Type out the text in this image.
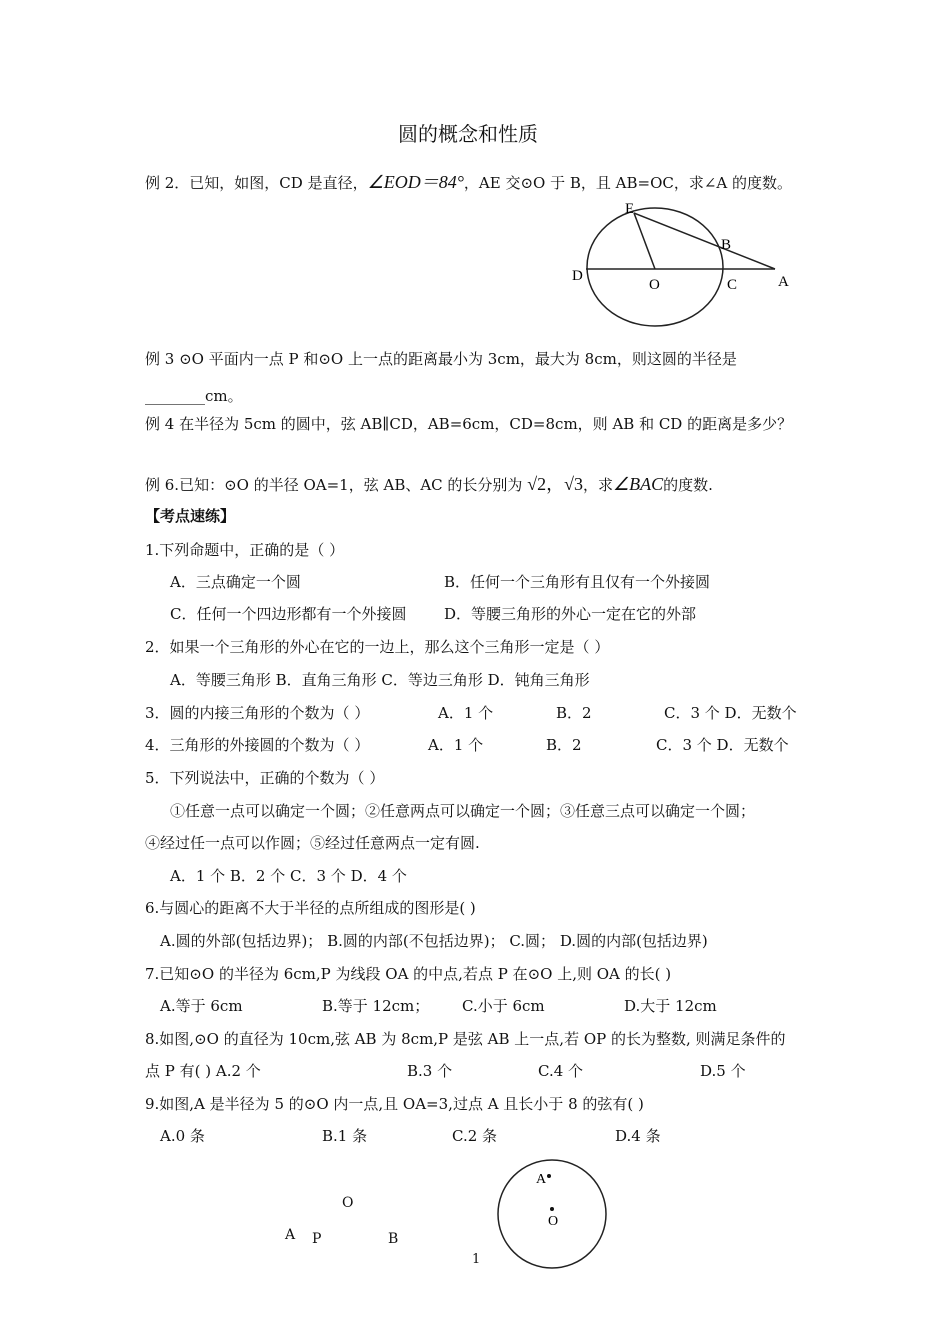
圆的概念和性质
例 2．已知，如图，CD 是直径，∠EOD＝84°，AE 交⊙O 于 B，且 AB=OC，求∠A 的度数。
E
B
D
O	C	A
例 3 ⊙O 平面内一点 P 和⊙O 上一点的距离最小为 3cm，最大为 8cm，则这圆的半径是
________cm。
例 4 在半径为 5cm 的圆中，弦 AB∥CD，AB=6cm，CD=8cm，则 AB 和 CD 的距离是多少？
例 6.已知：⊙O 的半径 OA=1，弦 AB、AC 的长分别为 √2，√3，求∠BAC的度数.
【考点速练】
1.下列命题中，正确的是（ ）
A．三点确定一个圆	B．任何一个三角形有且仅有一个外接圆
C．任何一个四边形都有一个外接圆	D．等腰三角形的外心一定在它的外部
2．如果一个三角形的外心在它的一边上，那么这个三角形一定是（ ）
A．等腰三角形 B．直角三角形 C．等边三角形 D．钝角三角形
3．圆的内接三角形的个数为（ ）	A．1 个	B．2	C．3 个 D．无数个
4．三角形的外接圆的个数为（ ）	A．1 个	B．2	C．3 个 D．无数个
5．下列说法中，正确的个数为（ ）
①任意一点可以确定一个圆；②任意两点可以确定一个圆；③任意三点可以确定一个圆；
④经过任一点可以作圆；⑤经过任意两点一定有圆.
A．1 个 B．2 个 C．3 个 D．4 个
6.与圆心的距离不大于半径的点所组成的图形是( )
A.圆的外部(包括边界)； B.圆的内部(不包括边界)； C.圆； D.圆的内部(包括边界)
7.已知⊙O 的半径为 6cm,P 为线段 OA 的中点,若点 P 在⊙O 上,则 OA 的长( )
A.等于 6cm	B.等于 12cm； C.小于 6cm	D.大于 12cm
8.如图,⊙O 的直径为 10cm,弦 AB 为 8cm,P 是弦 AB 上一点,若 OP 的长为整数, 则满足条件的
点 P 有( ) A.2 个	B.3 个	C.4 个	D.5 个
9.如图,A 是半径为 5 的⊙O 内一点,且 OA=3,过点 A 且长小于 8 的弦有( )
A.0 条	B.1 条	C.2 条	D.4 条
O
A P	B
A
O
1
